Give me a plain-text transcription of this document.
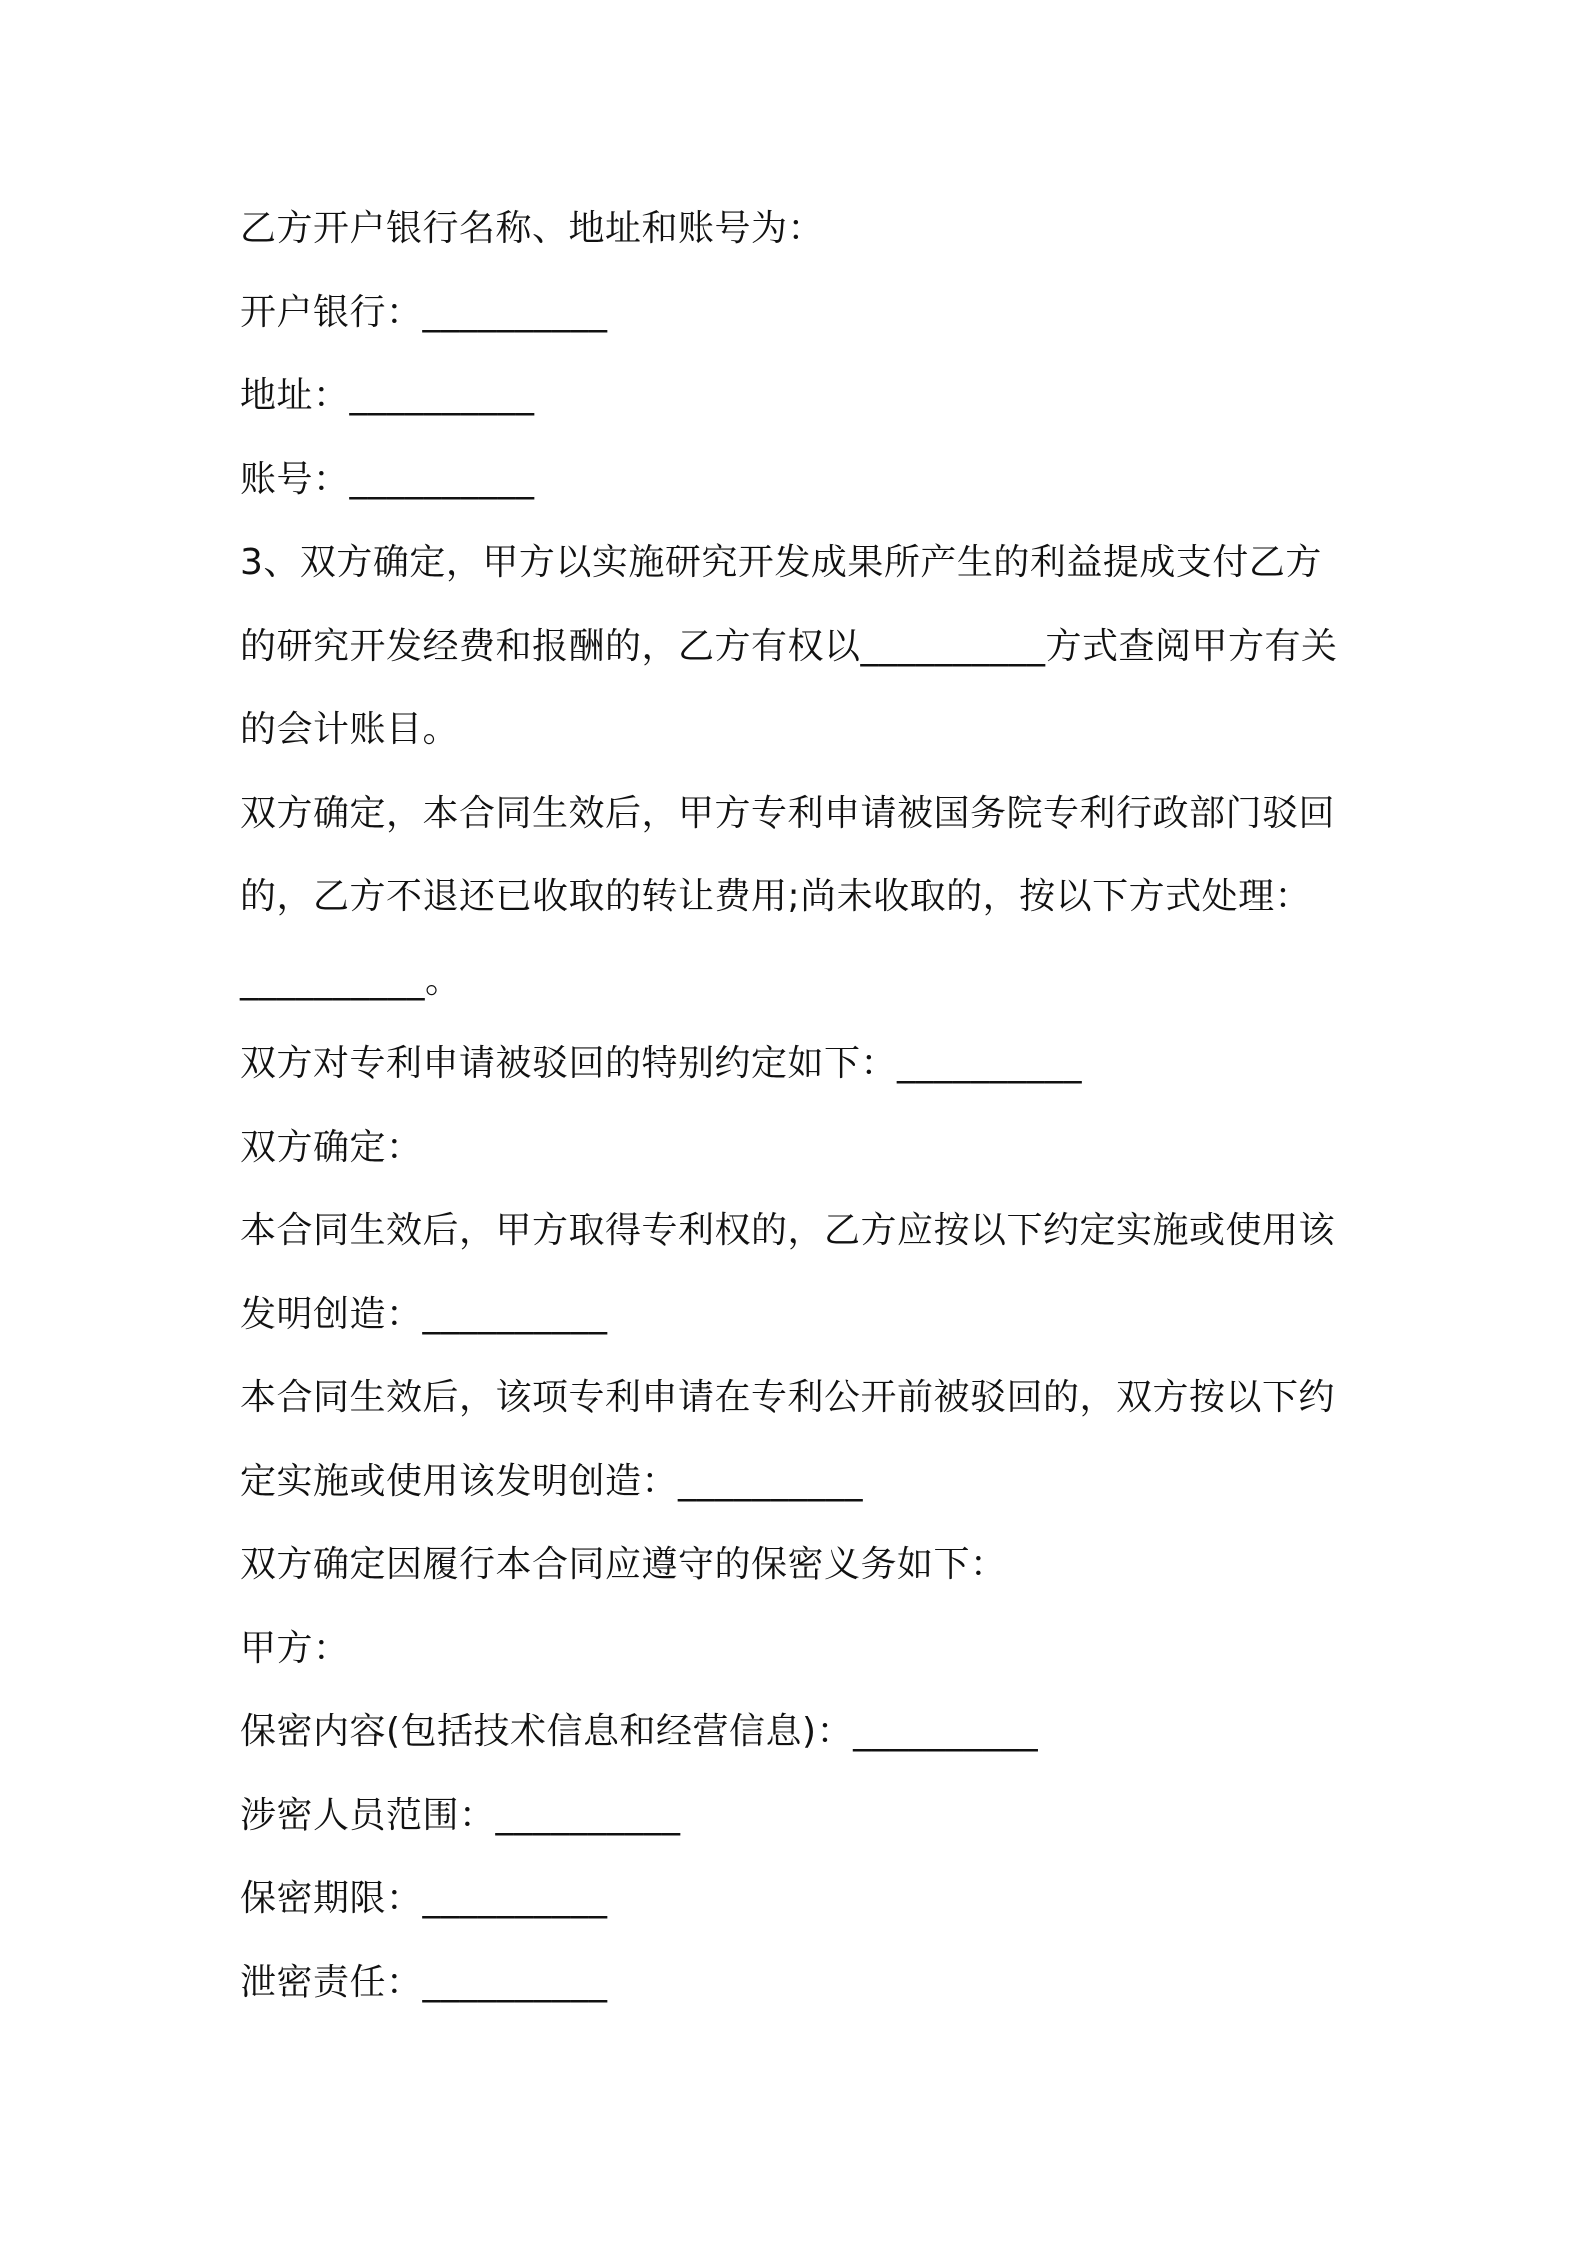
乙方开户银行名称、地址和账号为：

开户银行：__________

地址：__________

账号：__________

3、双方确定，甲方以实施研究开发成果所产生的利益提成支付乙方

的研究开发经费和报酬的，乙方有权以__________方式查阅甲方有关

的会计账目。

双方确定，本合同生效后，甲方专利申请被国务院专利行政部门驳回

的，乙方不退还已收取的转让费用;尚未收取的，按以下方式处理：

__________。

双方对专利申请被驳回的特别约定如下：__________

双方确定：

本合同生效后，甲方取得专利权的，乙方应按以下约定实施或使用该

发明创造：__________

本合同生效后，该项专利申请在专利公开前被驳回的，双方按以下约

定实施或使用该发明创造：__________

双方确定因履行本合同应遵守的保密义务如下：

甲方：

保密内容(包括技术信息和经营信息)：__________

涉密人员范围：__________

保密期限：__________

泄密责任：__________
